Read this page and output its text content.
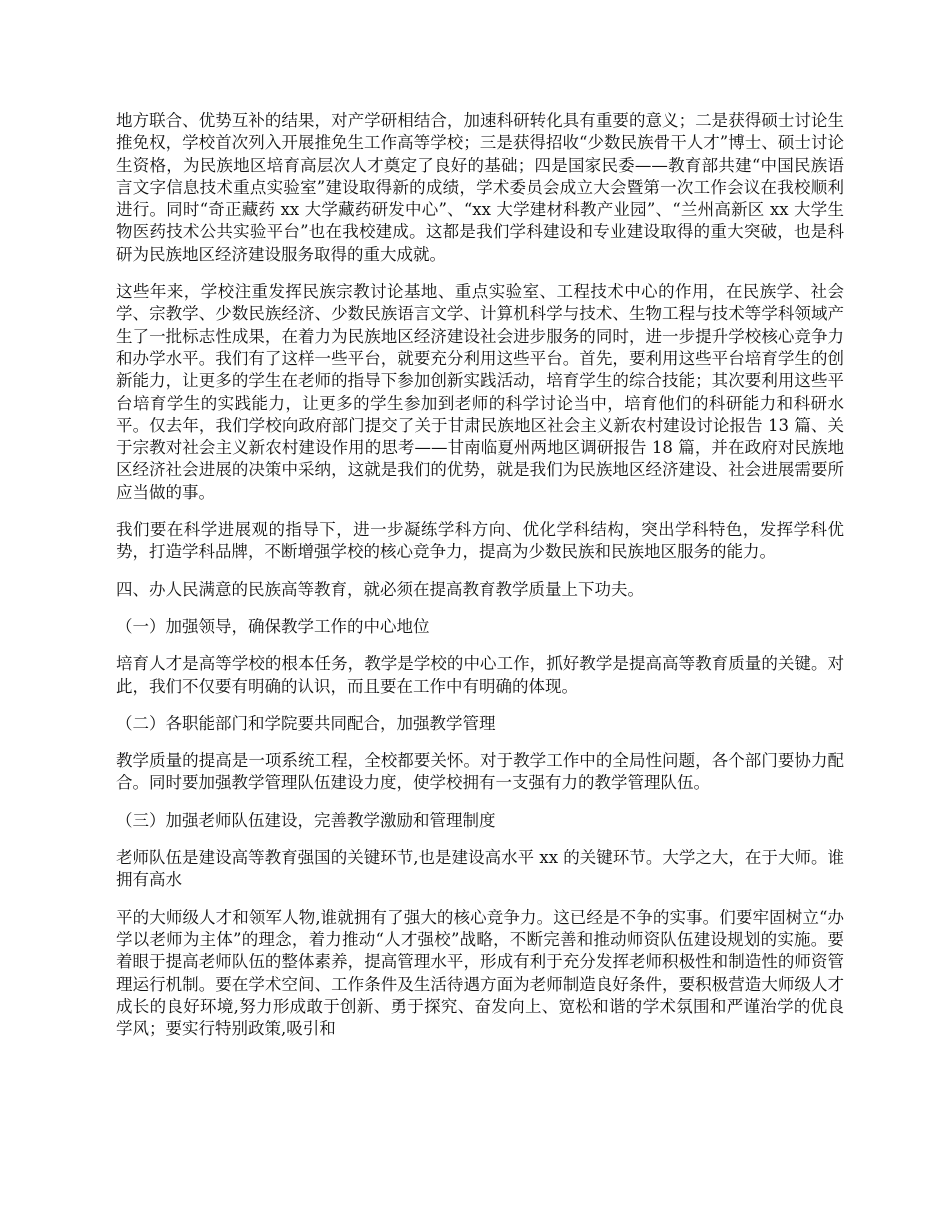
地方联合、优势互补的结果，对产学研相结合，加速科研转化具有重要的意义；二是获得硕士讨论生推免权，学校首次列入开展推免生工作高等学校；三是获得招收“少数民族骨干人才”博士、硕士讨论生资格，为民族地区培育高层次人才奠定了良好的基础；四是国家民委——教育部共建“中国民族语言文字信息技术重点实验室”建设取得新的成绩，学术委员会成立大会暨第一次工作会议在我校顺利进行。同时“奇正藏药 xx 大学藏药研发中心”、“xx 大学建材科教产业园”、“兰州高新区 xx 大学生物医药技术公共实验平台”也在我校建成。这都是我们学科建设和专业建设取得的重大突破，也是科研为民族地区经济建设服务取得的重大成就。

这些年来，学校注重发挥民族宗教讨论基地、重点实验室、工程技术中心的作用，在民族学、社会学、宗教学、少数民族经济、少数民族语言文学、计算机科学与技术、生物工程与技术等学科领域产生了一批标志性成果，在着力为民族地区经济建设社会进步服务的同时，进一步提升学校核心竞争力和办学水平。我们有了这样一些平台，就要充分利用这些平台。首先，要利用这些平台培育学生的创新能力，让更多的学生在老师的指导下参加创新实践活动，培育学生的综合技能；其次要利用这些平台培育学生的实践能力，让更多的学生参加到老师的科学讨论当中，培育他们的科研能力和科研水平。仅去年，我们学校向政府部门提交了关于甘肃民族地区社会主义新农村建设讨论报告 13 篇、关于宗教对社会主义新农村建设作用的思考——甘南临夏州两地区调研报告 18 篇，并在政府对民族地区经济社会进展的决策中采纳，这就是我们的优势，就是我们为民族地区经济建设、社会进展需要所应当做的事。

我们要在科学进展观的指导下，进一步凝练学科方向、优化学科结构，突出学科特色，发挥学科优势，打造学科品牌，不断增强学校的核心竞争力，提高为少数民族和民族地区服务的能力。

四、办人民满意的民族高等教育，就必须在提高教育教学质量上下功夫。

（一）加强领导，确保教学工作的中心地位

培育人才是高等学校的根本任务，教学是学校的中心工作，抓好教学是提高高等教育质量的关键。对此，我们不仅要有明确的认识，而且要在工作中有明确的体现。

（二）各职能部门和学院要共同配合，加强教学管理

教学质量的提高是一项系统工程，全校都要关怀。对于教学工作中的全局性问题，各个部门要协力配合。同时要加强教学管理队伍建设力度，使学校拥有一支强有力的教学管理队伍。

（三）加强老师队伍建设，完善教学激励和管理制度

老师队伍是建设高等教育强国的关键环节,也是建设高水平 xx 的关键环节。大学之大，在于大师。谁拥有高水

平的大师级人才和领军人物,谁就拥有了强大的核心竞争力。这已经是不争的实事。们要牢固树立“办学以老师为主体”的理念，着力推动“人才强校”战略，不断完善和推动师资队伍建设规划的实施。要着眼于提高老师队伍的整体素养，提高管理水平，形成有利于充分发挥老师积极性和制造性的师资管理运行机制。要在学术空间、工作条件及生活待遇方面为老师制造良好条件，要积极营造大师级人才成长的良好环境,努力形成敢于创新、勇于探究、奋发向上、宽松和谐的学术氛围和严谨治学的优良学风；要实行特别政策,吸引和
